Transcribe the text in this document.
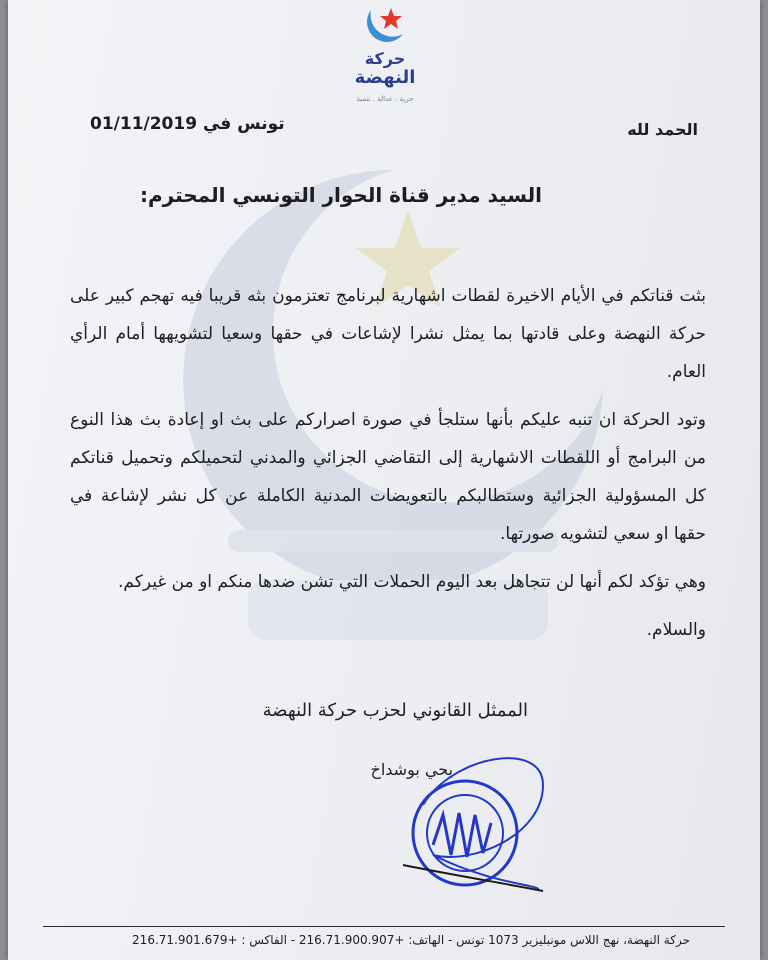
حركة
النهضة
حرية . عدالة . تنمية
تونس في 01/11/2019	الحمد لله
السيد مدير قناة الحوار التونسي المحترم:

بثت قناتكم في الأيام الاخيرة لقطات اشهارية لبرنامج تعتزمون بثه قريبا فيه تهجم كبير على حركة النهضة وعلى قادتها بما يمثل نشرا لإشاعات في حقها وسعيا لتشويهها أمام الرأي العام.

وتود الحركة ان تنبه عليكم بأنها ستلجأ في صورة اصراركم على بث او إعادة بث هذا النوع من البرامج أو اللقطات الاشهارية إلى التقاضي الجزائي والمدني لتحميلكم وتحميل قناتكم كل المسؤولية الجزائية وستطالبكم بالتعويضات المدنية الكاملة عن كل نشر لإشاعة في حقها او سعي لتشويه صورتها.

وهي تؤكد لكم أنها لن تتجاهل بعد اليوم الحملات التي تشن ضدها منكم او من غيركم.

والسلام.

الممثل القانوني لحزب حركة النهضة
يحي بوشداخ
حركة النهضة، نهج اللاس مونبليزير 1073 تونس - الهاتف: +216.71.900.907 - الفاكس : +216.71.901.679
